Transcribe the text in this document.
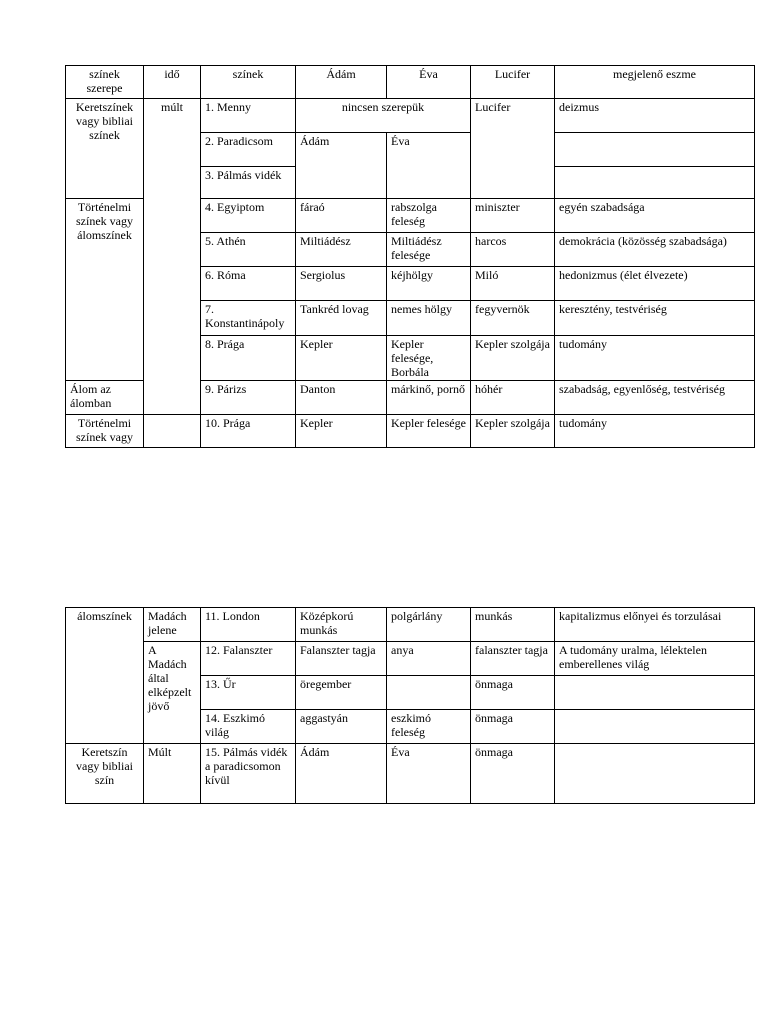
színek szerepe	idő	színek	Ádám	Éva	Lucifer	megjelenő eszme
Keretszínek vagy bibliai színek	múlt	1. Menny	nincsen szerepük		Lucifer	deizmus
		2. Paradicsom	Ádám	Éva		
		3. Pálmás vidék				
Történelmi színek vagy álomszínek		4. Egyiptom	fáraó	rabszolga feleség	miniszter	egyén szabadsága
		5. Athén	Miltiádész	Miltiádész felesége	harcos	demokrácia (közösség szabadsága)
		6. Róma	Sergiolus	kéjhölgy	Miló	hedonizmus (élet élvezete)
		7. Konstantinápoly	Tankréd lovag	nemes hölgy	fegyvernök	keresztény, testvériség
		8. Prága	Kepler	Kepler felesége, Borbála	Kepler szolgája	tudomány
Álom az álomban		9. Párizs	Danton	márkinő, pornő	hóhér	szabadság, egyenlőség, testvériség
Történelmi színek vagy		10. Prága	Kepler	Kepler felesége	Kepler szolgája	tudomány
álomszínek	Madách jelene	11. London	Középkorú munkás	polgárlány	munkás	kapitalizmus előnyei és torzulásai
	A Madách által elképzelt jövő	12. Falanszter	Falanszter tagja	anya	falanszter tagja	A tudomány uralma, lélektelen emberellenes világ
		13. Űr	öregember		önmaga	
		14. Eszkimó világ	aggastyán	eszkimó feleség	önmaga	
Keretszín vagy bibliai szín	Múlt	15. Pálmás vidék a paradicsomon kívül	Ádám	Éva	önmaga	
